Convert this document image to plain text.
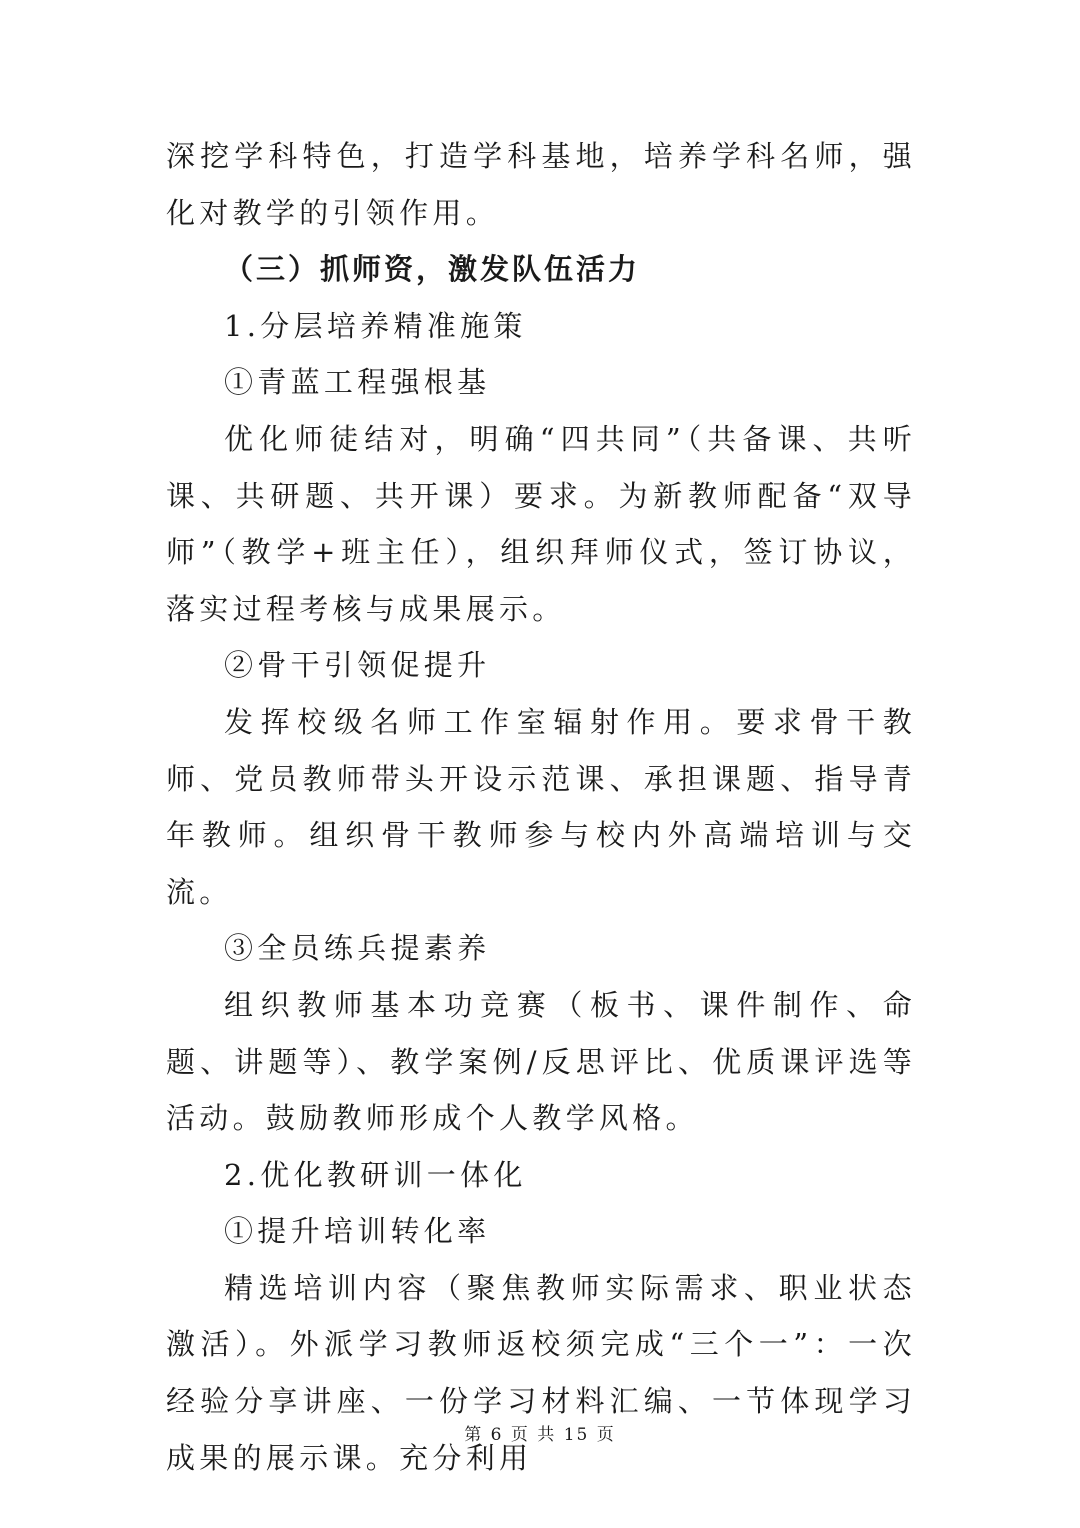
深挖学科特色，打造学科基地，培养学科名师，强化对教学的引领作用。

（三）抓师资，激发队伍活力

1.分层培养精准施策

①青蓝工程强根基

优化师徒结对，明确“四共同”（共备课、共听课、共研题、共开课）要求。为新教师配备“双导师”（教学+班主任），组织拜师仪式，签订协议，落实过程考核与成果展示。

②骨干引领促提升

发挥校级名师工作室辐射作用。要求骨干教师、党员教师带头开设示范课、承担课题、指导青年教师。组织骨干教师参与校内外高端培训与交流。

③全员练兵提素养

组织教师基本功竞赛（板书、课件制作、命题、讲题等）、教学案例/反思评比、优质课评选等活动。鼓励教师形成个人教学风格。

2.优化教研训一体化

①提升培训转化率

精选培训内容（聚焦教师实际需求、职业状态激活）。外派学习教师返校须完成“三个一”：一次经验分享讲座、一份学习材料汇编、一节体现学习成果的展示课。充分利用

第 6 页 共 15 页
